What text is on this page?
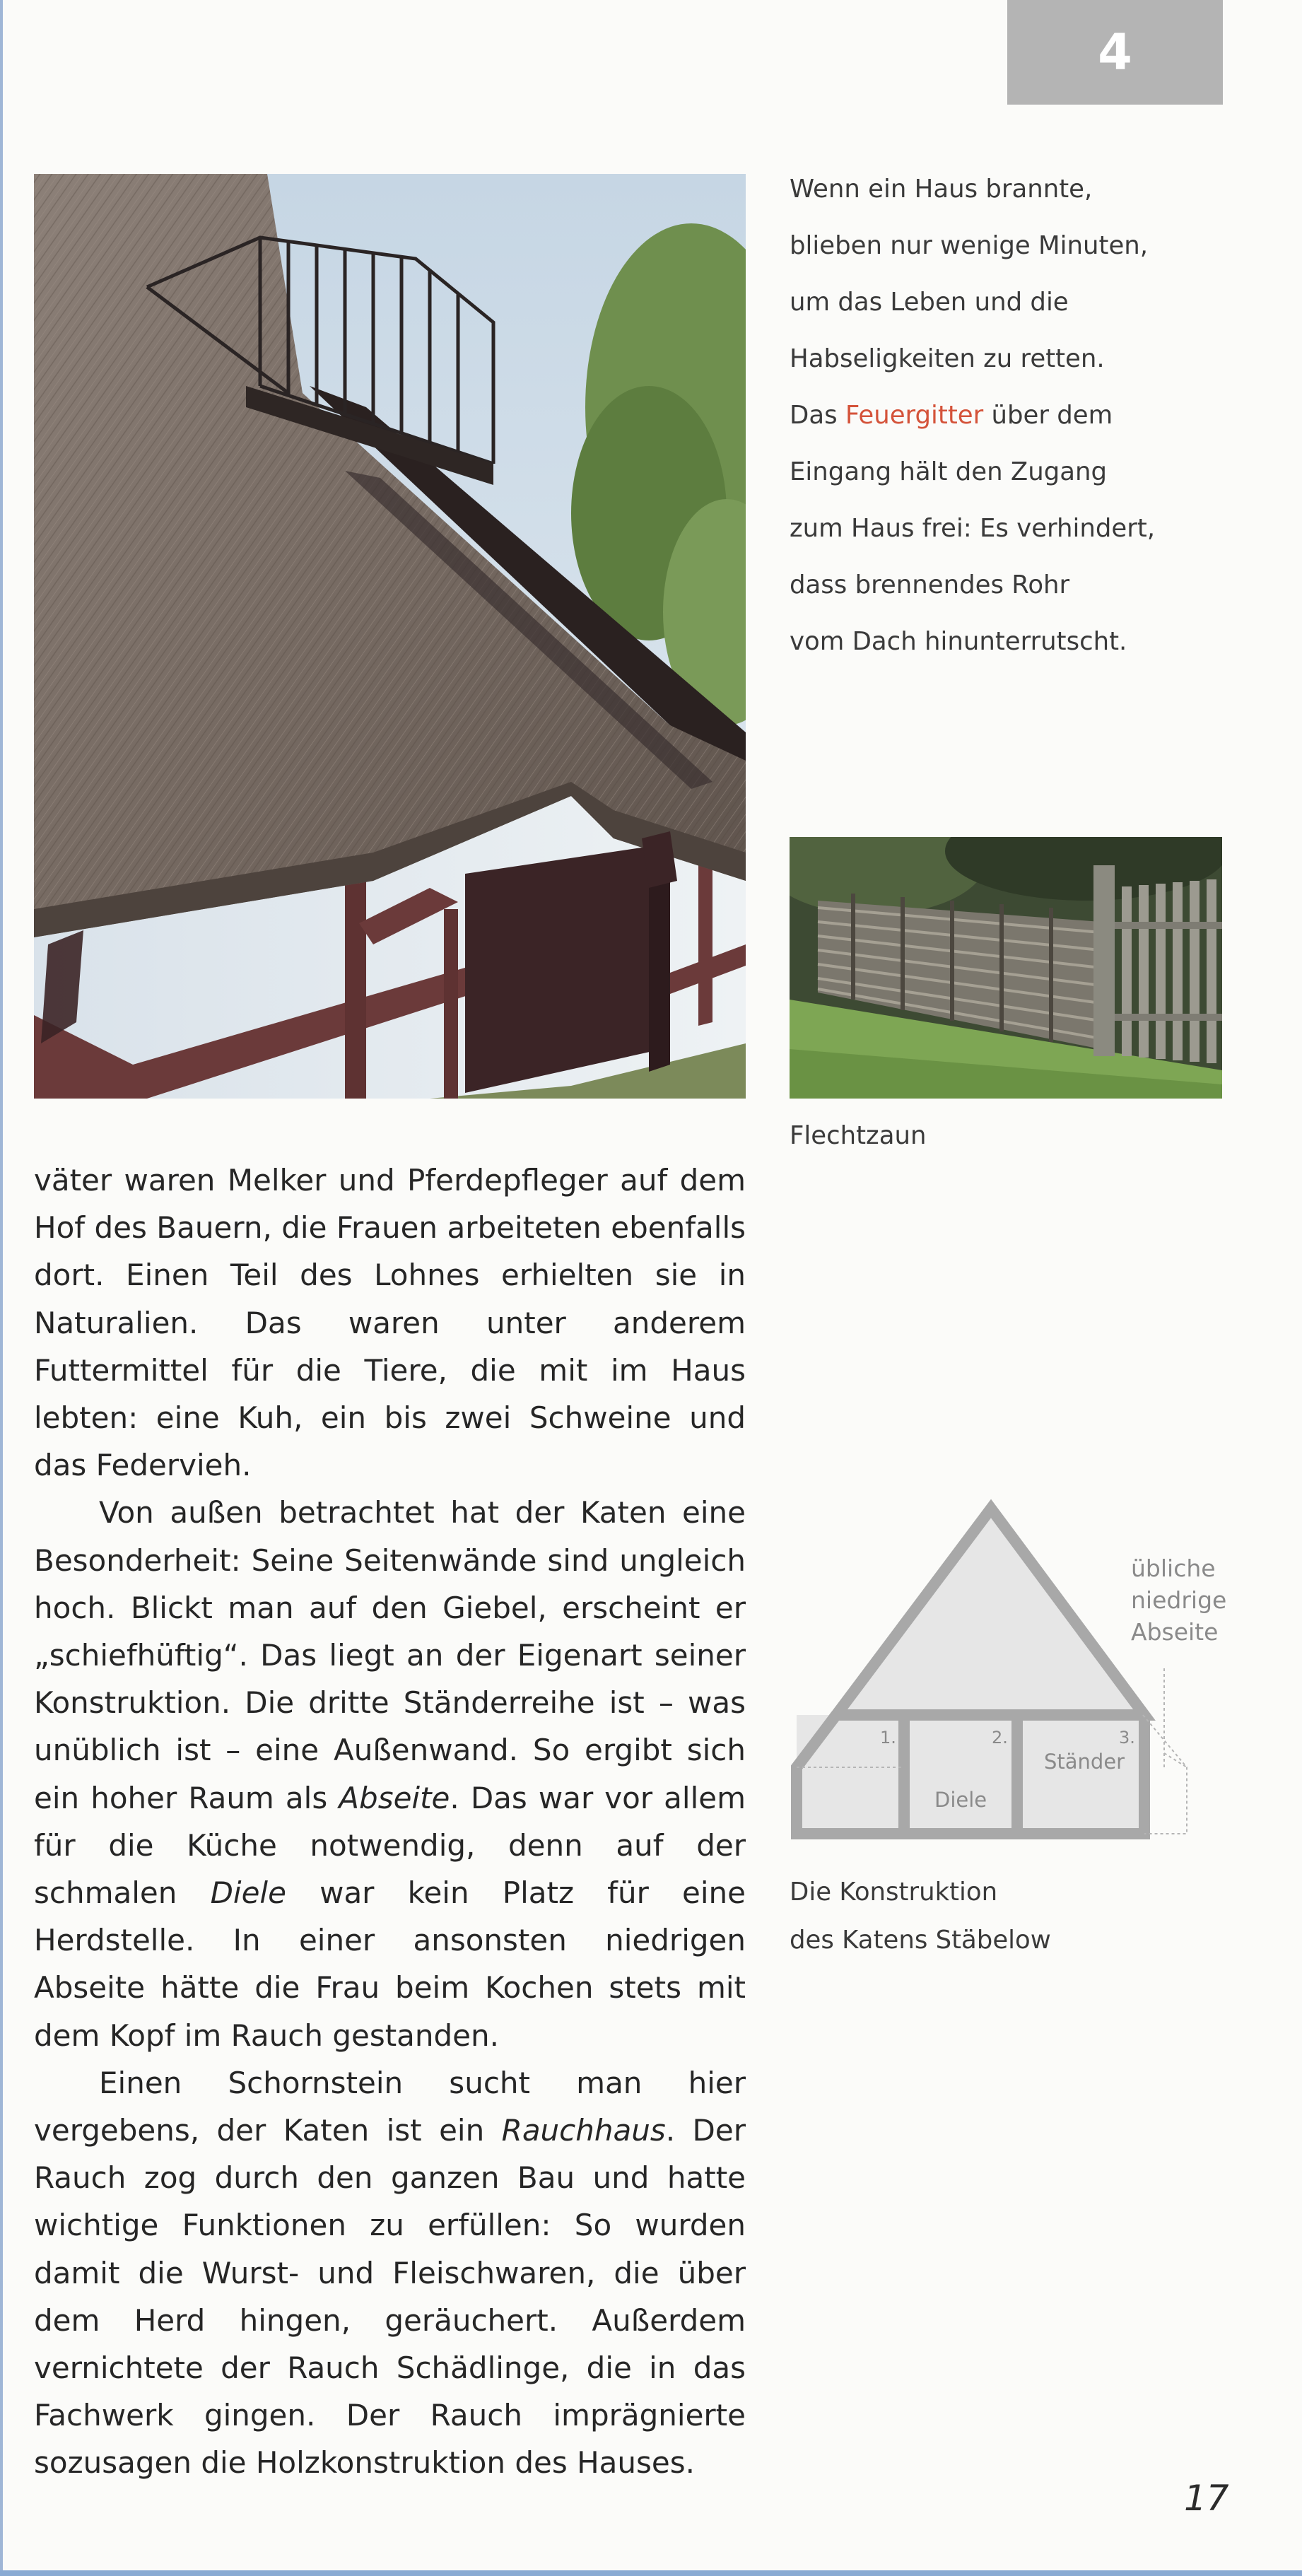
4

Wenn ein Haus brannte,

blieben nur wenige Minuten,

um das Leben und die

Habseligkeiten zu retten.

Das Feuergitter über dem

Eingang hält den Zugang

zum Haus frei: Es verhindert,

dass brennendes Rohr

vom Dach hinunterrutscht.

Flechtzaun

übliche
niedrige
Abseite
1.	2.	3.
Ständer
Diele

Die Konstruktion

des Katens Stäbelow

väter waren Melker und Pferdepfleger auf dem Hof des Bauern, die Frauen arbeiteten ebenfalls dort. Einen Teil des Lohnes erhielten sie in Naturalien. Das waren unter anderem Futtermittel für die Tiere, die mit im Haus lebten: eine Kuh, ein bis zwei Schweine und das Federvieh.

Von außen betrachtet hat der Katen eine Besonderheit: Seine Seitenwände sind ungleich hoch. Blickt man auf den Giebel, erscheint er „schiefhüftig“. Das liegt an der Eigenart seiner Konstruktion. Die dritte Ständerreihe ist – was unüblich ist – eine Außenwand. So ergibt sich ein hoher Raum als Abseite. Das war vor allem für die Küche notwendig, denn auf der schmalen Diele war kein Platz für eine Herdstelle. In einer ansonsten niedrigen Abseite hätte die Frau beim Kochen stets mit dem Kopf im Rauch gestanden.

Einen Schornstein sucht man hier vergebens, der Katen ist ein Rauchhaus. Der Rauch zog durch den ganzen Bau und hatte wichtige Funktionen zu erfüllen: So wurden damit die Wurst- und Fleischwaren, die über dem Herd hingen, geräuchert. Außerdem vernichtete der Rauch Schädlinge, die in das Fachwerk gingen. Der Rauch imprägnierte sozusagen die Holzkonstruktion des Hauses.

17
